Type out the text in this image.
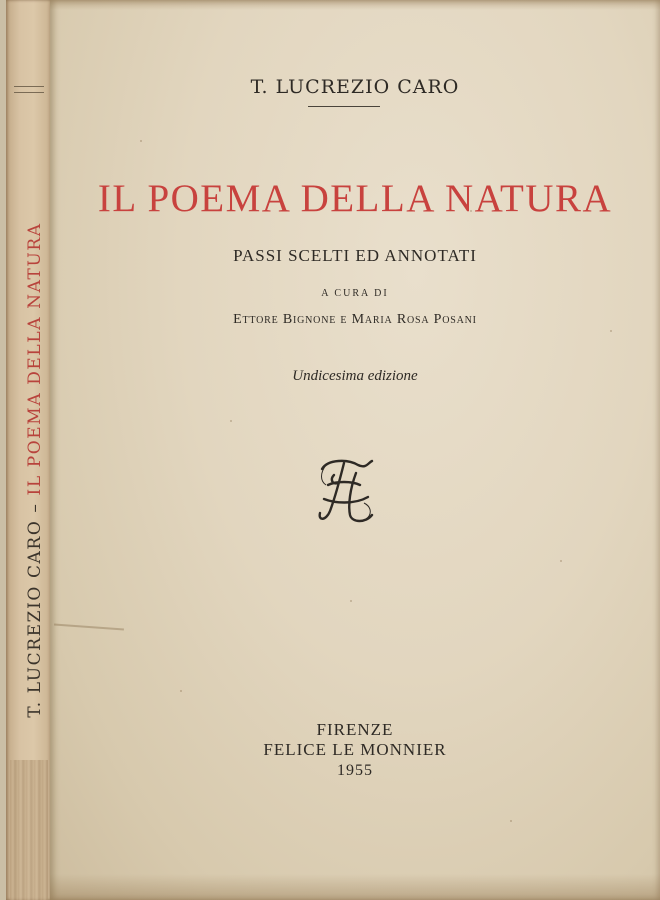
T. LUCREZIO CARO – IL POEMA DELLA NATURA
T. LUCREZIO CARO
IL POEMA DELLA NATURA
PASSI SCELTI ED ANNOTATI
A CURA DI
Ettore Bignone e Maria Rosa Posani
Undicesima edizione
FIRENZE
FELICE LE MONNIER
1955
